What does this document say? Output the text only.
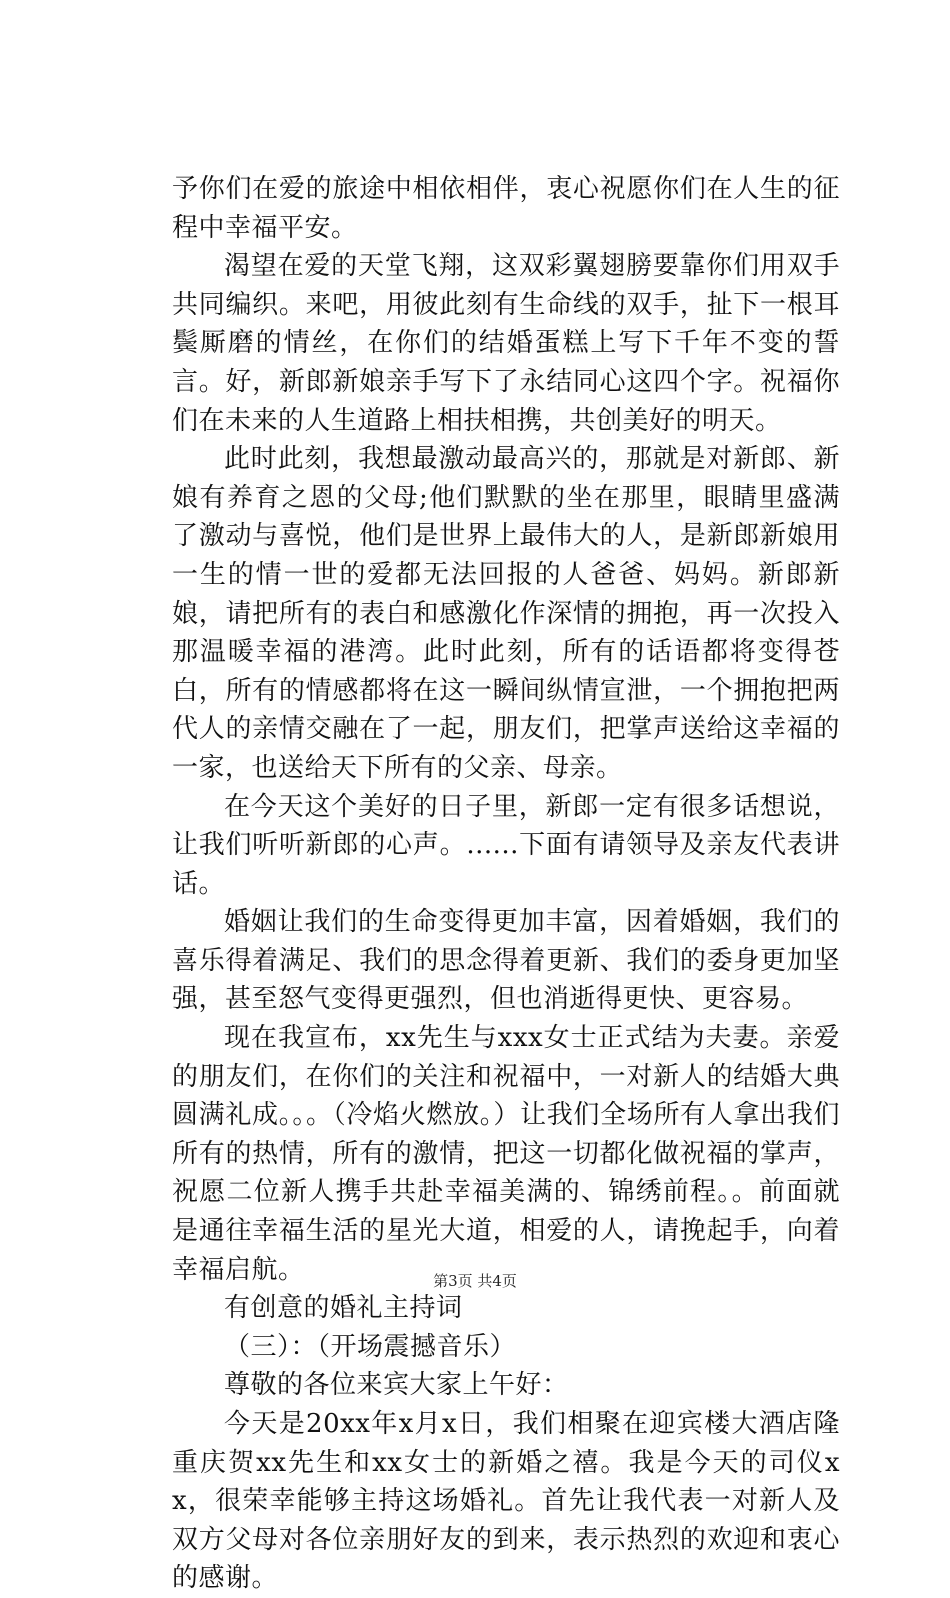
予你们在爱的旅途中相依相伴，衷心祝愿你们在人生的征程中幸福平安。

渴望在爱的天堂飞翔，这双彩翼翅膀要靠你们用双手共同编织。来吧，用彼此刻有生命线的双手，扯下一根耳鬓厮磨的情丝，在你们的结婚蛋糕上写下千年不变的誓言。好，新郎新娘亲手写下了永结同心这四个字。祝福你们在未来的人生道路上相扶相携，共创美好的明天。

此时此刻，我想最激动最高兴的，那就是对新郎、新娘有养育之恩的父母;他们默默的坐在那里，眼睛里盛满了激动与喜悦，他们是世界上最伟大的人，是新郎新娘用一生的情一世的爱都无法回报的人爸爸、妈妈。新郎新娘，请把所有的表白和感激化作深情的拥抱，再一次投入那温暖幸福的港湾。此时此刻，所有的话语都将变得苍白，所有的情感都将在这一瞬间纵情宣泄，一个拥抱把两代人的亲情交融在了一起，朋友们，把掌声送给这幸福的一家，也送给天下所有的父亲、母亲。

在今天这个美好的日子里，新郎一定有很多话想说，让我们听听新郎的心声。......下面有请领导及亲友代表讲话。

婚姻让我们的生命变得更加丰富，因着婚姻，我们的喜乐得着满足、我们的思念得着更新、我们的委身更加坚强，甚至怒气变得更强烈，但也消逝得更快、更容易。

现在我宣布，xx先生与xxx女士正式结为夫妻。亲爱的朋友们，在你们的关注和祝福中，一对新人的结婚大典圆满礼成。。。（冷焰火燃放。）让我们全场所有人拿出我们所有的热情，所有的激情，把这一切都化做祝福的掌声，祝愿二位新人携手共赴幸福美满的、锦绣前程。。前面就是通往幸福生活的星光大道，相爱的人，请挽起手，向着幸福启航。

有创意的婚礼主持词

（三）：（开场震撼音乐）

尊敬的各位来宾大家上午好：

今天是20xx年x月x日，我们相聚在迎宾楼大酒店隆重庆贺xx先生和xx女士的新婚之禧。我是今天的司仪xx，很荣幸能够主持这场婚礼。首先让我代表一对新人及双方父母对各位亲朋好友的到来，表示热烈的欢迎和衷心的感谢。

第3页 共4页
